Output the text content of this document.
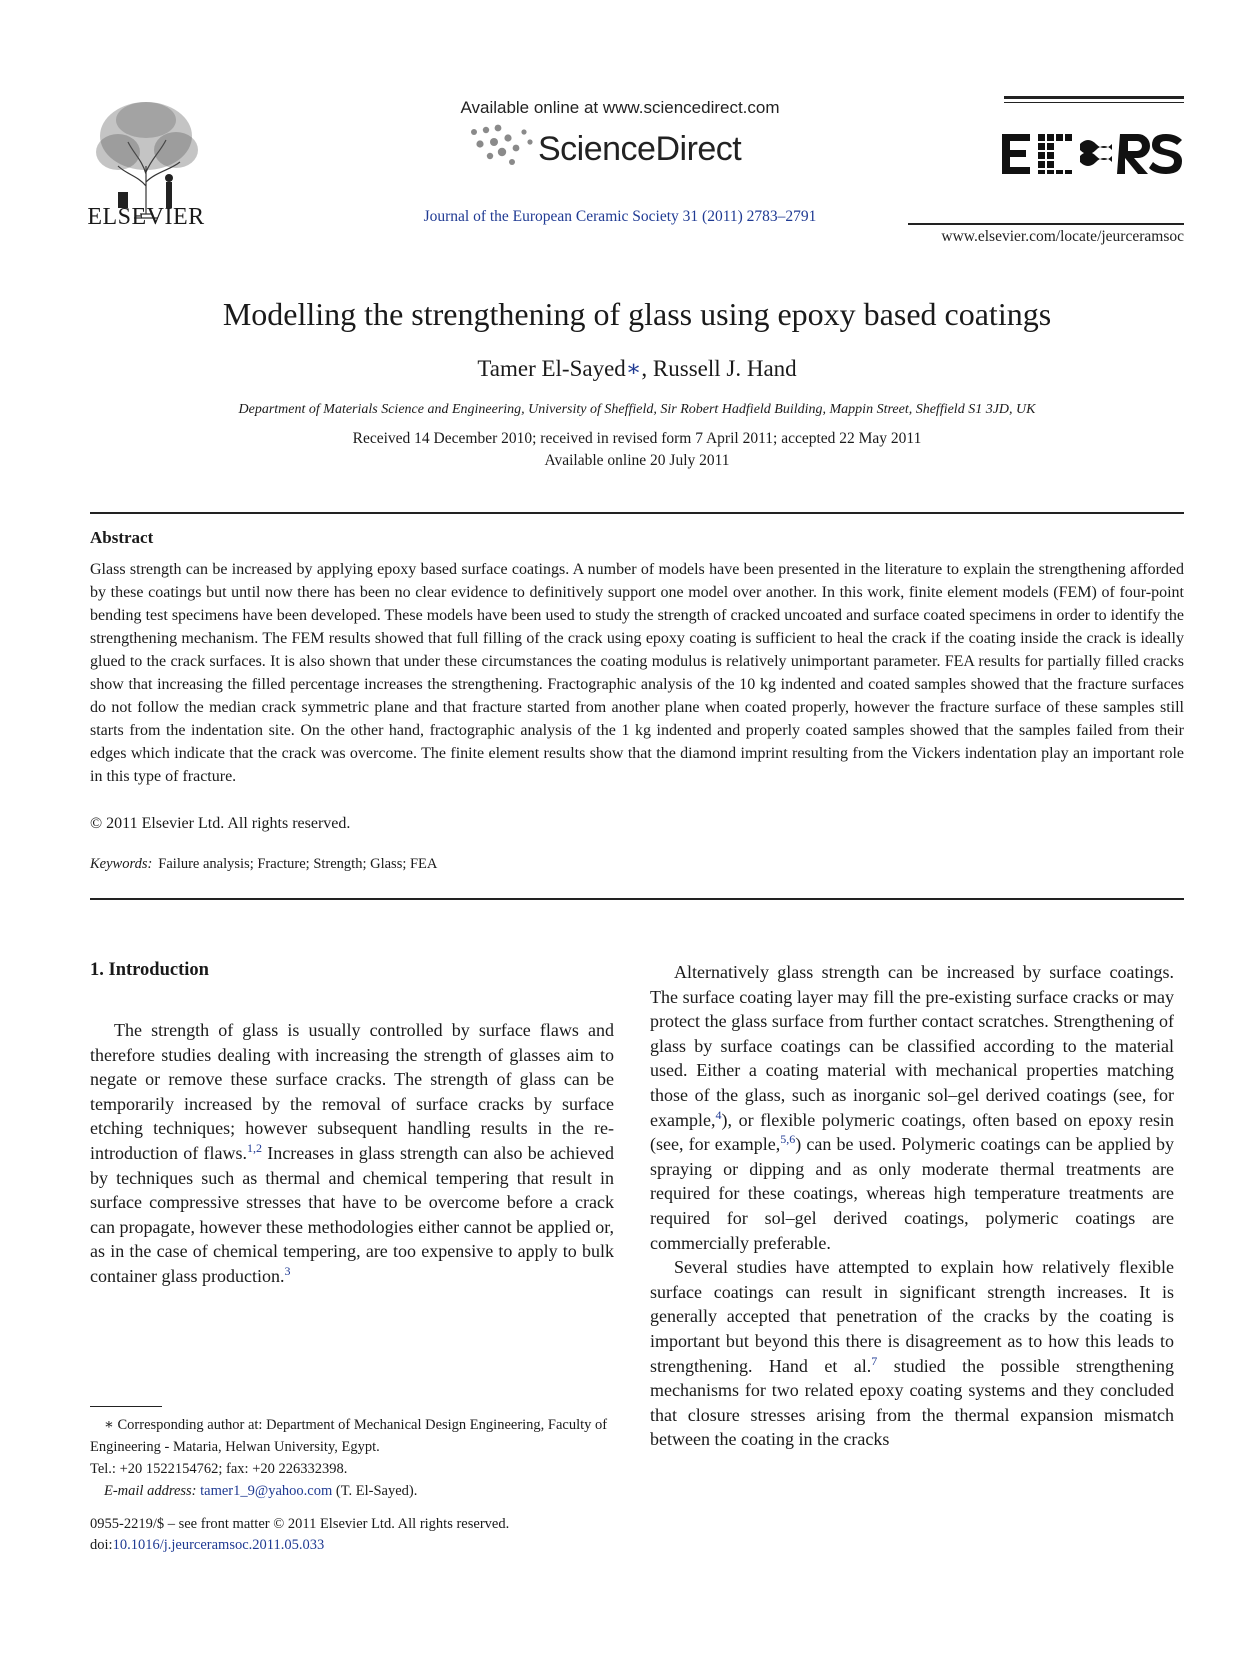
ELSEVIER
Available online at www.sciencedirect.com
ScienceDirect
Journal of the European Ceramic Society 31 (2011) 2783–2791
www.elsevier.com/locate/jeurceramsoc
Modelling the strengthening of glass using epoxy based coatings
Tamer El-Sayed∗, Russell J. Hand
Department of Materials Science and Engineering, University of Sheffield, Sir Robert Hadfield Building, Mappin Street, Sheffield S1 3JD, UK
Received 14 December 2010; received in revised form 7 April 2011; accepted 22 May 2011
Available online 20 July 2011
Abstract
Glass strength can be increased by applying epoxy based surface coatings. A number of models have been presented in the literature to explain the strengthening afforded by these coatings but until now there has been no clear evidence to definitively support one model over another. In this work, finite element models (FEM) of four-point bending test specimens have been developed. These models have been used to study the strength of cracked uncoated and surface coated specimens in order to identify the strengthening mechanism. The FEM results showed that full filling of the crack using epoxy coating is sufficient to heal the crack if the coating inside the crack is ideally glued to the crack surfaces. It is also shown that under these circumstances the coating modulus is relatively unimportant parameter. FEA results for partially filled cracks show that increasing the filled percentage increases the strengthening. Fractographic analysis of the 10 kg indented and coated samples showed that the fracture surfaces do not follow the median crack symmetric plane and that fracture started from another plane when coated properly, however the fracture surface of these samples still starts from the indentation site. On the other hand, fractographic analysis of the 1 kg indented and properly coated samples showed that the samples failed from their edges which indicate that the crack was overcome. The finite element results show that the diamond imprint resulting from the Vickers indentation play an important role in this type of fracture.
© 2011 Elsevier Ltd. All rights reserved.
Keywords: Failure analysis; Fracture; Strength; Glass; FEA
1. Introduction

The strength of glass is usually controlled by surface flaws and therefore studies dealing with increasing the strength of glasses aim to negate or remove these surface cracks. The strength of glass can be temporarily increased by the removal of surface cracks by surface etching techniques; however subsequent handling results in the re-introduction of flaws.$^{1,2}$ Increases in glass strength can also be achieved by techniques such as thermal and chemical tempering that result in surface compressive stresses that have to be overcome before a crack can propagate, however these methodologies either cannot be applied or, as in the case of chemical tempering, are too expensive to apply to bulk container glass production.$^3$

Alternatively glass strength can be increased by surface coatings. The surface coating layer may fill the pre-existing surface cracks or may protect the glass surface from further contact scratches. Strengthening of glass by surface coatings can be classified according to the material used. Either a coating material with mechanical properties matching those of the glass, such as inorganic sol–gel derived coatings (see, for example,$^4$), or flexible polymeric coatings, often based on epoxy resin (see, for example,$^{5,6}$) can be used. Polymeric coatings can be applied by spraying or dipping and as only moderate thermal treatments are required for these coatings, whereas high temperature treatments are required for sol–gel derived coatings, polymeric coatings are commercially preferable.

Several studies have attempted to explain how relatively flexible surface coatings can result in significant strength increases. It is generally accepted that penetration of the cracks by the coating is important but beyond this there is disagreement as to how this leads to strengthening. Hand et al.$^7$ studied the possible strengthening mechanisms for two related epoxy coating systems and they concluded that closure stresses arising from the thermal expansion mismatch between the coating in the cracks

∗ Corresponding author at: Department of Mechanical Design Engineering, Faculty of Engineering - Mataria, Helwan University, Egypt.
Tel.: +20 1522154762; fax: +20 226332398.
E-mail address: tamer1_9@yahoo.com (T. El-Sayed).
0955-2219/$ – see front matter © 2011 Elsevier Ltd. All rights reserved.
doi:10.1016/j.jeurceramsoc.2011.05.033
